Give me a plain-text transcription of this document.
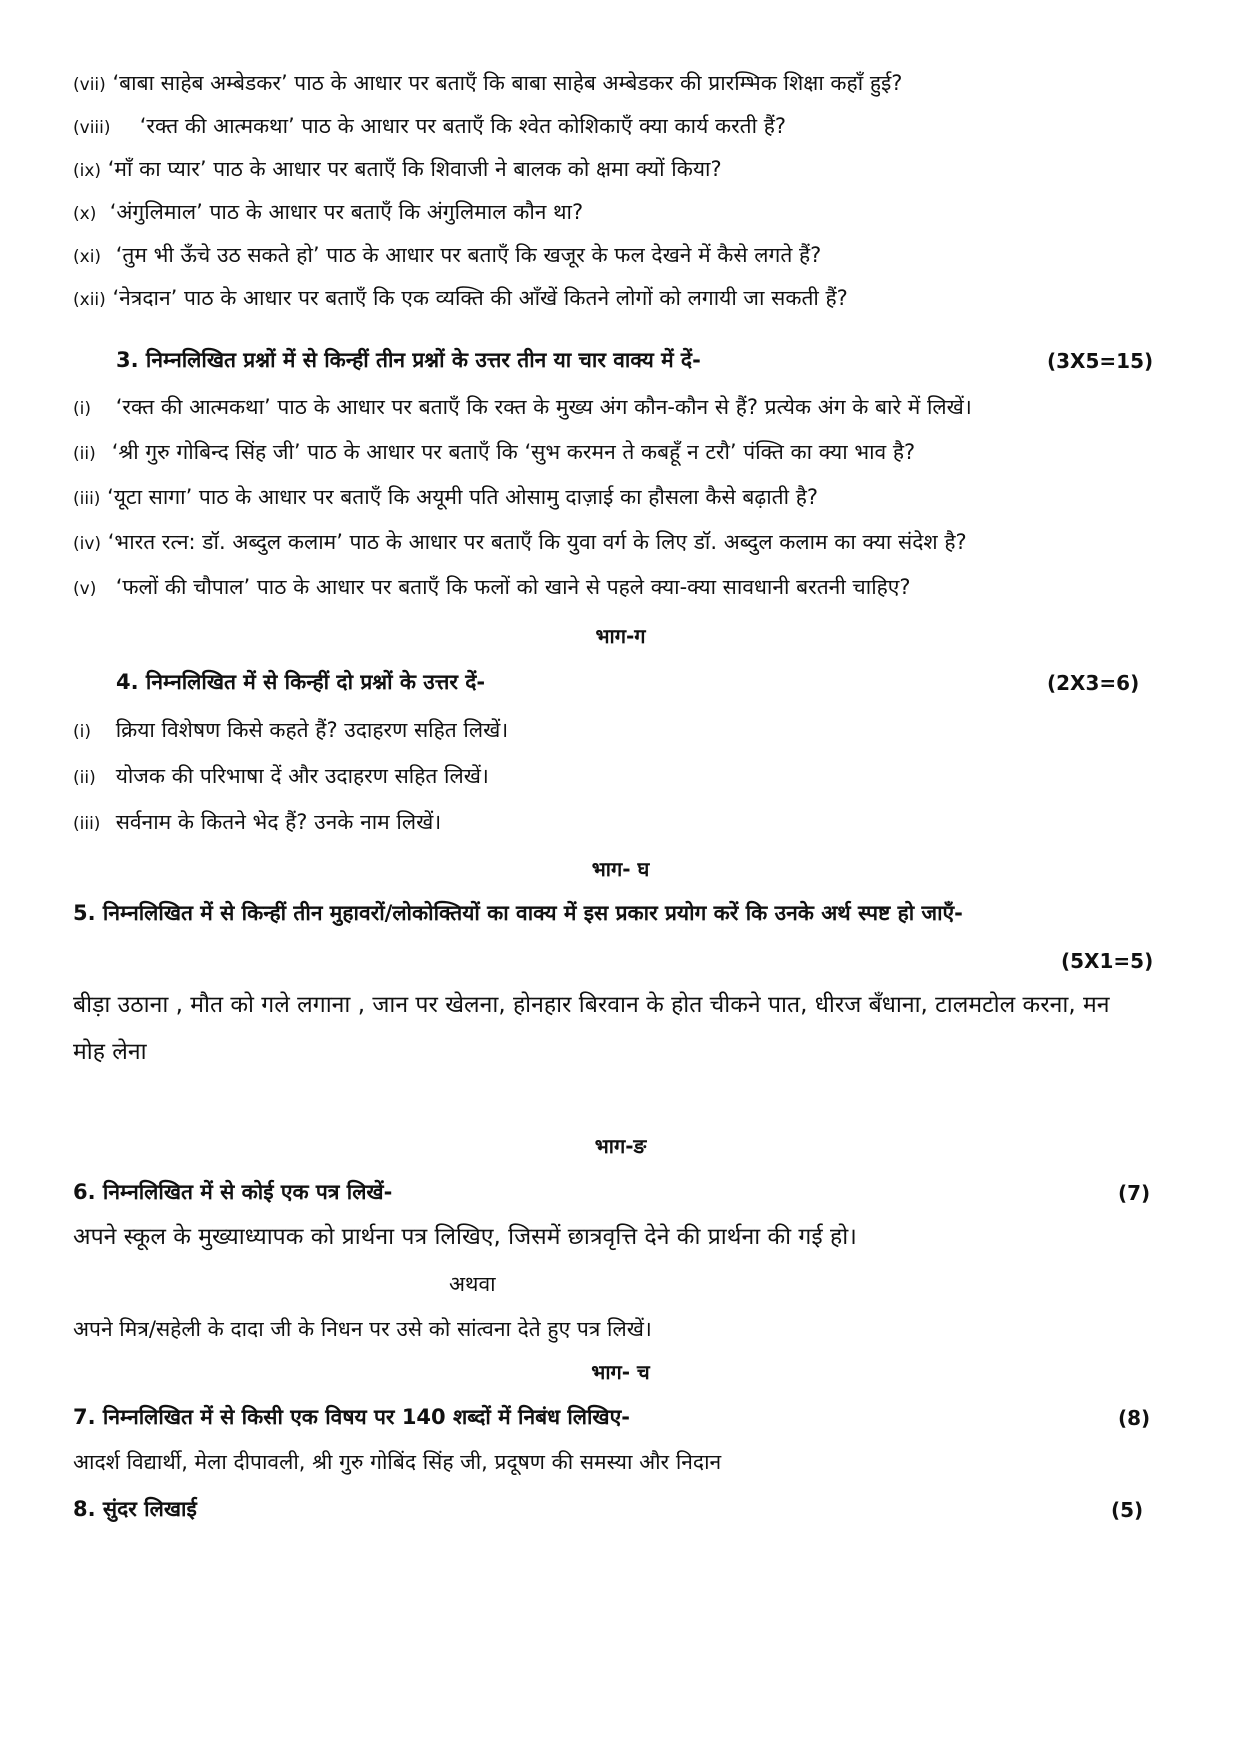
(vii) ‘बाबा साहेब अम्बेडकर’ पाठ के आधार पर बताएँ कि बाबा साहेब अम्बेडकर की प्रारम्भिक शिक्षा कहाँ हुई?
(viii) ‘रक्त की आत्मकथा’ पाठ के आधार पर बताएँ कि श्वेत कोशिकाएँ क्या कार्य करती हैं?
(ix) ‘माँ का प्यार’ पाठ के आधार पर बताएँ कि शिवाजी ने बालक को क्षमा क्यों किया?
(x) ‘अंगुलिमाल’ पाठ के आधार पर बताएँ कि अंगुलिमाल कौन था?
(xi) ‘तुम भी ऊँचे उठ सकते हो’ पाठ के आधार पर बताएँ कि खजूर के फल देखने में कैसे लगते हैं?
(xii) ‘नेत्रदान’ पाठ के आधार पर बताएँ कि एक व्यक्ति की आँखें कितने लोगों को लगायी जा सकती हैं?
3. निम्नलिखित प्रश्नों में से किन्हीं तीन प्रश्नों के उत्तर तीन या चार वाक्य में दें-	(3X5=15)
(i) ‘रक्त की आत्मकथा’ पाठ के आधार पर बताएँ कि रक्त के मुख्य अंग कौन-कौन से हैं? प्रत्येक अंग के बारे में लिखें।
(ii) ‘श्री गुरु गोबिन्द सिंह जी’ पाठ के आधार पर बताएँ कि ‘सुभ करमन ते कबहूँ न टरौ’ पंक्ति का क्या भाव है?
(iii) ‘यूटा सागा’ पाठ के आधार पर बताएँ कि अयूमी पति ओसामु दाज़ाई का हौसला कैसे बढ़ाती है?
(iv) ‘भारत रत्न: डॉ. अब्दुल कलाम’ पाठ के आधार पर बताएँ कि युवा वर्ग के लिए डॉ. अब्दुल कलाम का क्या संदेश है?
(v) ‘फलों की चौपाल’ पाठ के आधार पर बताएँ कि फलों को खाने से पहले क्या-क्या सावधानी बरतनी चाहिए?
भाग-ग
4. निम्नलिखित में से किन्हीं दो प्रश्नों के उत्तर दें-	(2X3=6)
(i) क्रिया विशेषण किसे कहते हैं? उदाहरण सहित लिखें।
(ii) योजक की परिभाषा दें और उदाहरण सहित लिखें।
(iii) सर्वनाम के कितने भेद हैं? उनके नाम लिखें।
भाग- घ
5. निम्नलिखित में से किन्हीं तीन मुहावरों/लोकोक्तियों का वाक्य में इस प्रकार प्रयोग करें कि उनके अर्थ स्पष्ट हो जाएँ-
(5X1=5)
बीड़ा उठाना , मौत को गले लगाना , जान पर खेलना, होनहार बिरवान के होत चीकने पात, धीरज बँधाना, टालमटोल करना, मन
मोह लेना
भाग-ङ
6. निम्नलिखित में से कोई एक पत्र लिखें-	(7)
अपने स्कूल के मुख्याध्यापक को प्रार्थना पत्र लिखिए, जिसमें छात्रवृत्ति देने की प्रार्थना की गई हो।
अथवा
अपने मित्र/सहेली के दादा जी के निधन पर उसे को सांत्वना देते हुए पत्र लिखें।
भाग- च
7. निम्नलिखित में से किसी एक विषय पर 140 शब्दों में निबंध लिखिए-	(8)
आदर्श विद्यार्थी, मेला दीपावली, श्री गुरु गोबिंद सिंह जी, प्रदूषण की समस्या और निदान
8. सुंदर लिखाई	(5)
